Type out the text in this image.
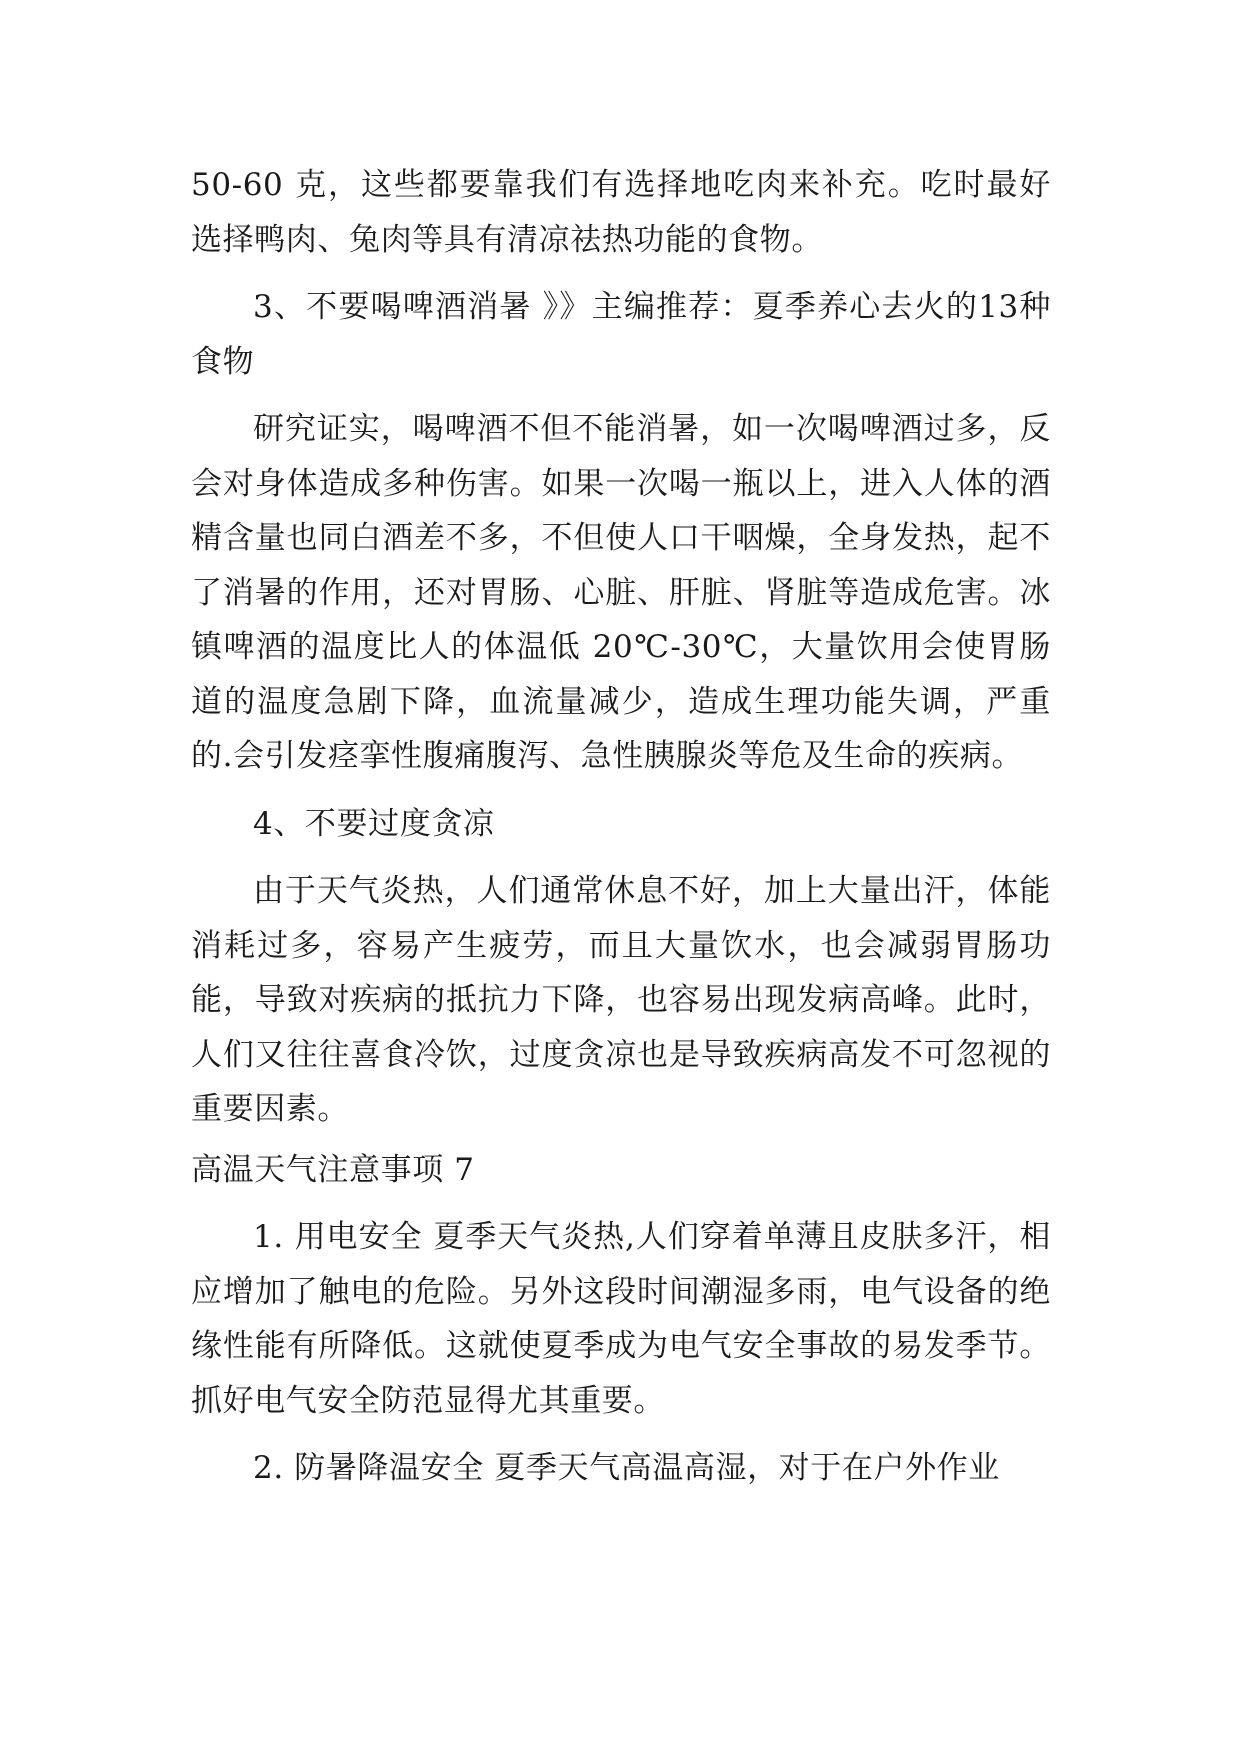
50-60 克，这些都要靠我们有选择地吃肉来补充。吃时最好选择鸭肉、兔肉等具有清凉祛热功能的食物。

3、不要喝啤酒消暑 》》主编推荐：夏季养心去火的13种食物

研究证实，喝啤酒不但不能消暑，如一次喝啤酒过多，反会对身体造成多种伤害。如果一次喝一瓶以上，进入人体的酒精含量也同白酒差不多，不但使人口干咽燥，全身发热，起不了消暑的作用，还对胃肠、心脏、肝脏、肾脏等造成危害。冰镇啤酒的温度比人的体温低 20℃-30℃，大量饮用会使胃肠道的温度急剧下降，血流量减少，造成生理功能失调，严重的.会引发痉挛性腹痛腹泻、急性胰腺炎等危及生命的疾病。

4、不要过度贪凉

由于天气炎热，人们通常休息不好，加上大量出汗，体能消耗过多，容易产生疲劳，而且大量饮水，也会减弱胃肠功能，导致对疾病的抵抗力下降，也容易出现发病高峰。此时，人们又往往喜食冷饮，过度贪凉也是导致疾病高发不可忽视的重要因素。

高温天气注意事项 7

1. 用电安全 夏季天气炎热,人们穿着单薄且皮肤多汗，相应增加了触电的危险。另外这段时间潮湿多雨，电气设备的绝缘性能有所降低。这就使夏季成为电气安全事故的易发季节。抓好电气安全防范显得尤其重要。

2. 防暑降温安全 夏季天气高温高湿，对于在户外作业
